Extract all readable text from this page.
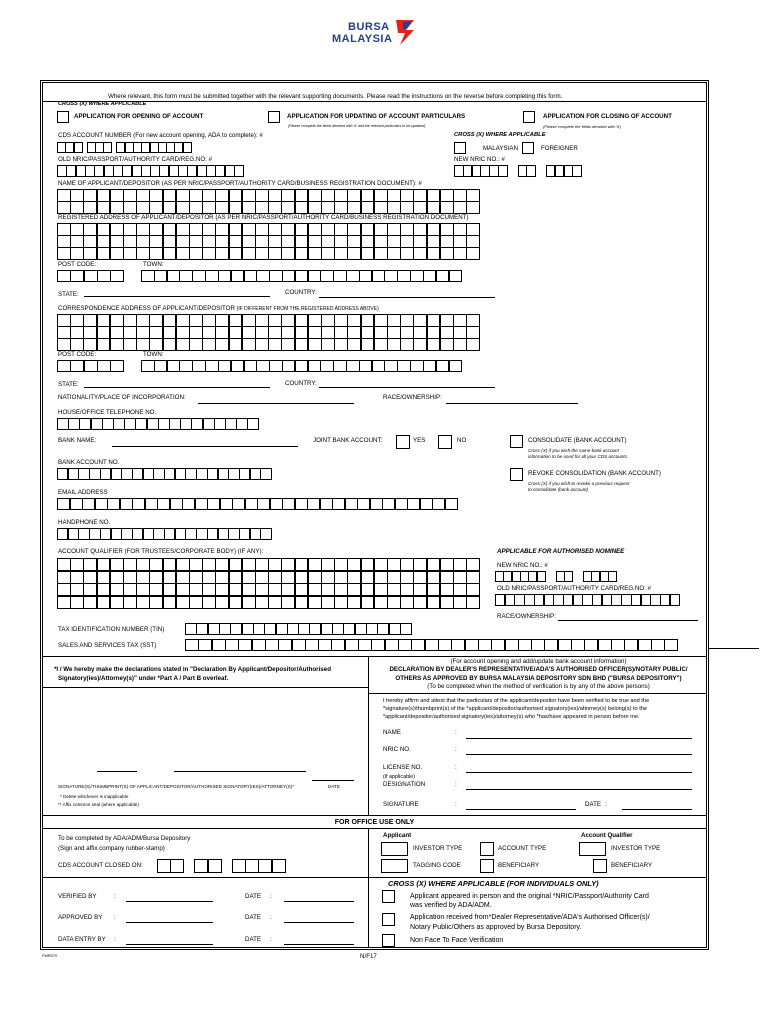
BURSA
MALAYSIA
Where relevant, this form must be submitted together with the relevant supporting documents. Please read the instructions on the reverse before completing this form.
CROSS (X) WHERE APPLICABLE
APPLICATION FOR OPENING OF ACCOUNT	APPLICATION FOR UPDATING OF ACCOUNT PARTICULARS
(Please complete the fields denoted with '#' and the relevant particulars to be updated)
APPLICATION FOR CLOSING OF ACCOUNT
(Please complete the fields denoted with '#')
CDS ACCOUNT NUMBER (For new account opening, ADA to complete): #	CROSS (X) WHERE APPLICABLE
MALAYSIAN	FOREIGNER
OLD NRIC/PASSPORT/AUTHORITY CARD/REG.NO: #	NEW NRIC NO.: #
NAME OF APPLICANT/DEPOSITOR (AS PER NRIC/PASSPORT/AUTHORITY CARD/BUSINESS REGISTRATION DOCUMENT): #
REGISTERED ADDRESS OF APPLICANT/DEPOSITOR (AS PER NRIC/PASSPORT/AUTHORITY CARD/BUSINESS REGISTRATION DOCUMENT)
POST CODE:	TOWN:
STATE:	COUNTRY:
CORRESPONDENCE ADDRESS OF APPLICANT/DEPOSITOR (IF DIFFERENT FROM THE REGISTERED ADDRESS ABOVE)
POST CODE:	TOWN:
STATE:	COUNTRY:
NATIONALITY/PLACE OF INCORPORATION:	RACE/OWNERSHIP:
HOUSE/OFFICE TELEPHONE NO.
BANK NAME:	JOINT BANK ACCOUNT:	YES	NO	CONSOLIDATE (BANK ACCOUNT)
Cross (X) if you wish the same bank account
information to be used for all your CDS accounts.
BANK ACCOUNT NO.
REVOKE CONSOLIDATION (BANK ACCOUNT)
Cross (X) if you wish to revoke a previous request
to consolidate (bank account)
EMAIL ADDRESS
HANDPHONE NO.
ACCOUNT QUALIFIER (FOR TRUSTEES/CORPORATE BODY) (IF ANY):	APPLICABLE FOR AUTHORISED NOMINEE
NEW NRIC NO.: #
OLD NRIC/PASSPORT/AUTHORITY CARD/REG.NO: #
RACE/OWNERSHIP:
TAX IDENTIFICATION NUMBER (TIN)
SALES AND SERVICES TAX (SST)
*I / We hereby make the declarations stated in "Declaration By Applicant/Depositor/Authorised
Signatory(ies)/Attorney(s)" under *Part A / Part B overleaf.
(For account opening and add/update bank account information)
DECLARATION BY DEALER'S REPRESENTATIVE/ADA'S AUTHORISED OFFICER(S)/NOTARY PUBLIC/
OTHERS AS APPROVED BY BURSA MALAYSIA DEPOSITORY SDN BHD ("BURSA DEPOSITORY")
(To be completed when the method of verification is by any of the above persons)
I hereby affirm and attest that the particulars of the applicant/depositor have been verified to be true and the
*signature(s)/thumbprint(s) of the *applicant/depositor/authorised signatory(ies)/attorney(s) belong(s) to the
*applicant/depositor/authorised signatory(ies)/attorney(s) who *has/have appeared in person before me.
NAME	:
NRIC NO.	:
LICENSE NO.	:
(if applicable)
DESIGNATION	:
SIGNATURE	:	DATE :
SIGNATURE(S)/THUMBPRINT(S) OF APPLICANT/DEPOSITOR/AUTHORISED SIGNATORY(IES)/ATTORNEY(S)*	DATE
* Delete whichever is inapplicable
** Affix common seal (where applicable)
FOR OFFICE USE ONLY
To be completed by ADA/ADM/Bursa Depository
(Sign and affix company rubber-stamp)
CDS ACCOUNT CLOSED ON:
Applicant	Account Qualifier
INVESTOR TYPE	ACCOUNT TYPE	INVESTOR TYPE
TAGGING CODE	BENEFICIARY	BENEFICIARY
VERIFIED BY	:	DATE :
APPROVED BY :	DATE :
DATA ENTRY BY :	DATE :
CROSS (X) WHERE APPLICABLE (FOR INDIVIDUALS ONLY)
Applicant appeared in person and the original *NRIC/Passport/Authority Card
was verified by ADA/ADM.
Application received from*Dealer Representative/ADA's Authorised Officer(s)/
Notary Public/Others as approved by Bursa Depository.
Non Face To Face Verification
FMR070	N/F17
